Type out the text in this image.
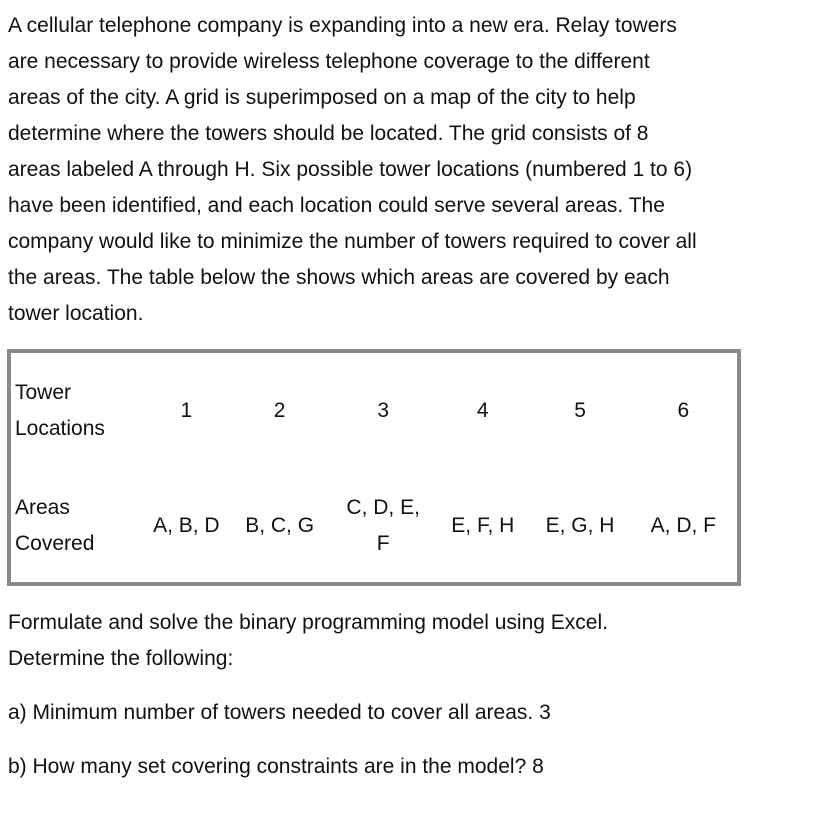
A cellular telephone company is expanding into a new era. Relay towers
are necessary to provide wireless telephone coverage to the different
areas of the city. A grid is superimposed on a map of the city to help
determine where the towers should be located. The grid consists of 8
areas labeled A through H. Six possible tower locations (numbered 1 to 6)
have been identified, and each location could serve several areas. The
company would like to minimize the number of towers required to cover all
the areas. The table below the shows which areas are covered by each
tower location.
Tower
Locations	1	2	3	4	5	6
Areas
Covered	A, B, D	B, C, G	C, D, E, F	E, F, H	E, G, H	A, D, F

Formulate and solve the binary programming model using Excel.

Determine the following:

a) Minimum number of towers needed to cover all areas. 3

b) How many set covering constraints are in the model? 8
